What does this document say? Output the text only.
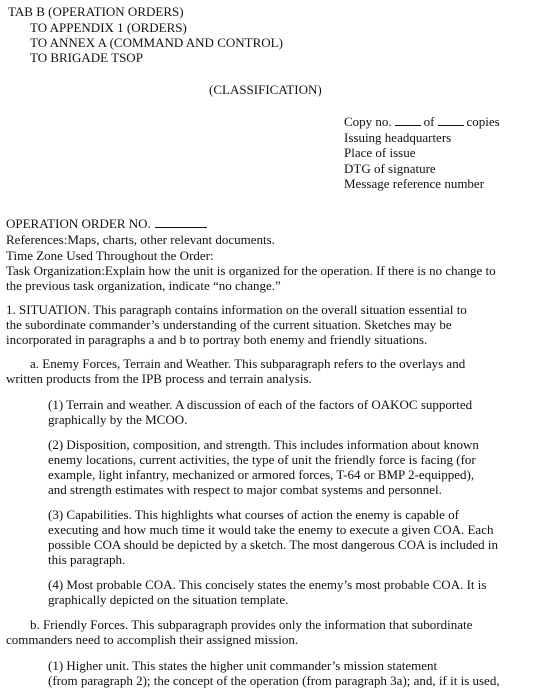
TAB B (OPERATION ORDERS)
TO APPENDIX 1 (ORDERS)
TO ANNEX A (COMMAND AND CONTROL)
TO BRIGADE TSOP
(CLASSIFICATION)
Copy no. of copies
Issuing headquarters
Place of issue
DTG of signature
Message reference number
OPERATION ORDER NO.
References:Maps, charts, other relevant documents.
Time Zone Used Throughout the Order:
Task Organization:Explain how the unit is organized for the operation. If there is no change to
the previous task organization, indicate “no change.”
1. SITUATION. This paragraph contains information on the overall situation essential to
the subordinate commander’s understanding of the current situation. Sketches may be
incorporated in paragraphs a and b to portray both enemy and friendly situations.
a. Enemy Forces, Terrain and Weather. This subparagraph refers to the overlays and
written products from the IPB process and terrain analysis.
(1) Terrain and weather. A discussion of each of the factors of OAKOC supported
graphically by the MCOO.
(2) Disposition, composition, and strength. This includes information about known
enemy locations, current activities, the type of unit the friendly force is facing (for
example, light infantry, mechanized or armored forces, T-64 or BMP 2-equipped),
and strength estimates with respect to major combat systems and personnel.
(3) Capabilities. This highlights what courses of action the enemy is capable of
executing and how much time it would take the enemy to execute a given COA. Each
possible COA should be depicted by a sketch. The most dangerous COA is included in
this paragraph.
(4) Most probable COA. This concisely states the enemy’s most probable COA. It is
graphically depicted on the situation template.
b. Friendly Forces. This subparagraph provides only the information that subordinate
commanders need to accomplish their assigned mission.
(1) Higher unit. This states the higher unit commander’s mission statement
(from paragraph 2); the concept of the operation (from paragraph 3a); and, if it is used,
